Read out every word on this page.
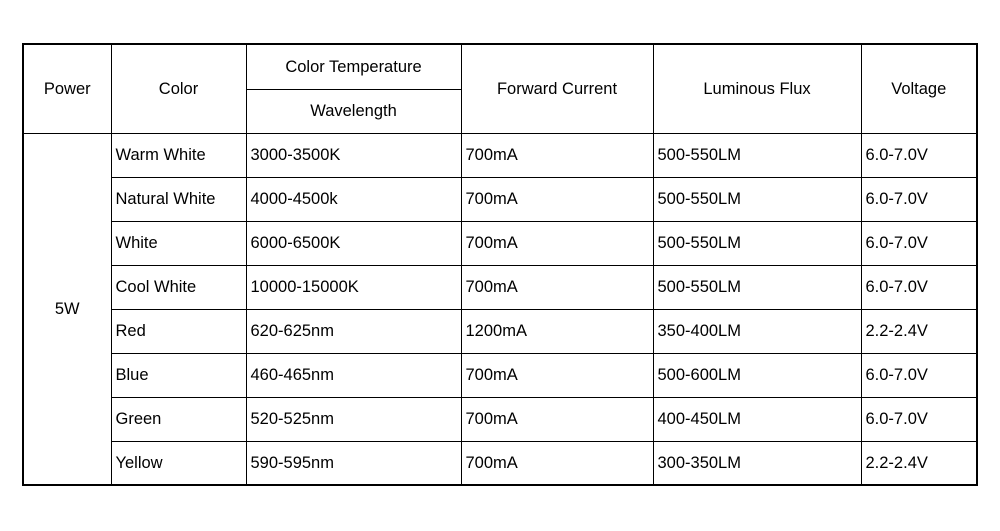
Power	Color	Color Temperature	Forward Current	Luminous Flux	Voltage
		Wavelength			
5W	Warm White	3000-3500K	700mA	500-550LM	6.0-7.0V
	Natural White	4000-4500k	700mA	500-550LM	6.0-7.0V
	White	6000-6500K	700mA	500-550LM	6.0-7.0V
	Cool White	10000-15000K	700mA	500-550LM	6.0-7.0V
	Red	620-625nm	1200mA	350-400LM	2.2-2.4V
	Blue	460-465nm	700mA	500-600LM	6.0-7.0V
	Green	520-525nm	700mA	400-450LM	6.0-7.0V
	Yellow	590-595nm	700mA	300-350LM	2.2-2.4V
